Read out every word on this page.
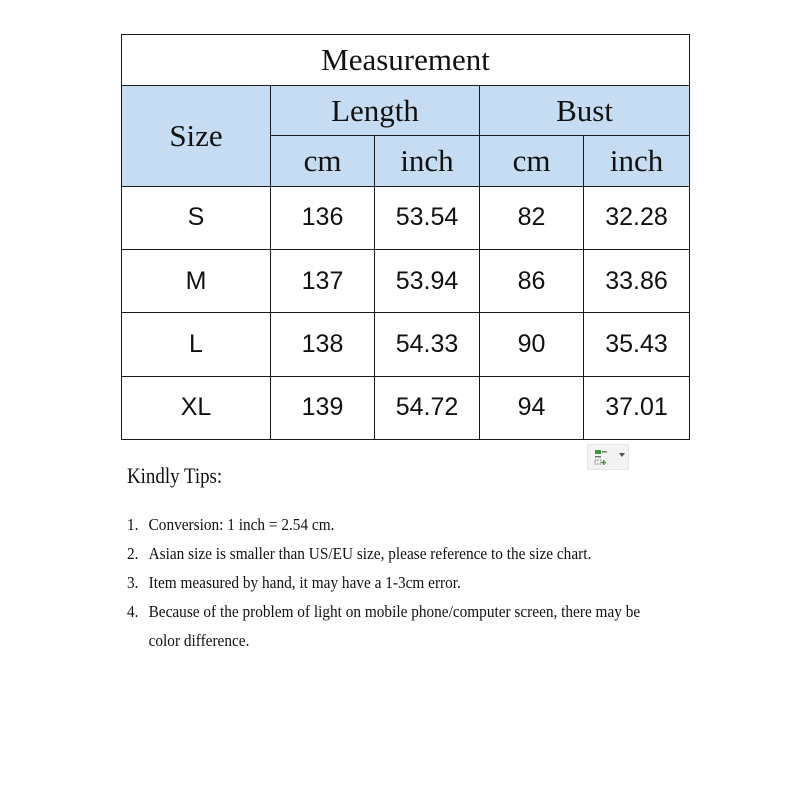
Measurement				
Size	Length		Bust	
	cm	inch	cm	inch
S	136	53.54	82	32.28
M	137	53.94	86	33.86
L	138	54.33	90	35.43
XL	139	54.72	94	37.01
Kindly Tips:
1. Conversion: 1 inch = 2.54 cm.
2. Asian size is smaller than US/EU size, please reference to the size chart.
3. Item measured by hand, it may have a 1-3cm error.
4. Because of the problem of light on mobile phone/computer screen, there may be
color difference.
